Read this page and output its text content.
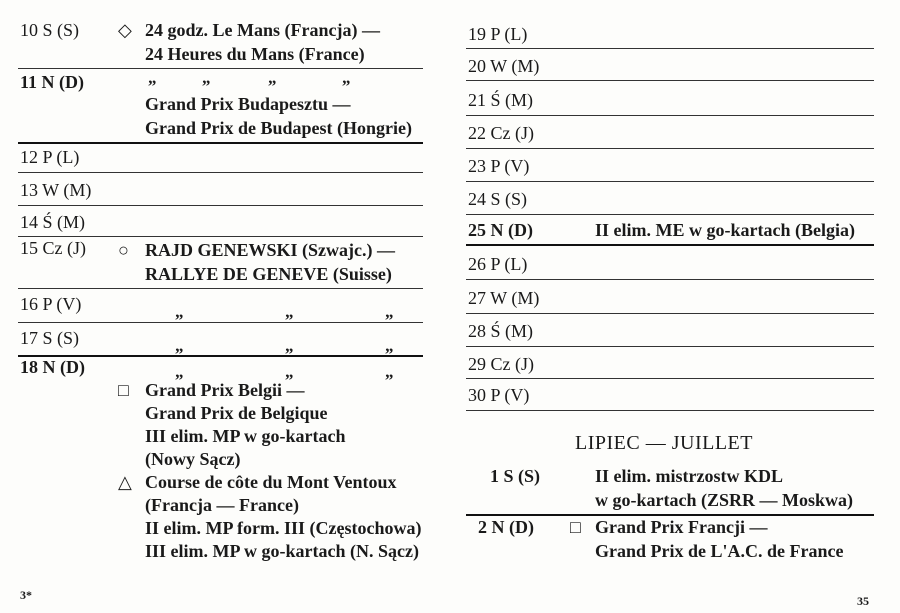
10 S (S) ◇ 24 godz. Le Mans (Francja) —
24 Heures du Mans (France)
11 N (D)	„	„	„	„
Grand Prix Budapesztu —
Grand Prix de Budapest (Hongrie)
12 P (L)
13 W (M)
14 Ś (M)
15 Cz (J) ○ RAJD GENEWSKI (Szwajc.) —
RALLYE DE GENEVE (Suisse)
16 P (V)	„	„	„
17 S (S)	„	„	„
18 N (D)	„	„	„
□ Grand Prix Belgii —
Grand Prix de Belgique
III elim. MP w go-kartach
(Nowy Sącz)
△ Course de côte du Mont Ventoux
(Francja — France)
II elim. MP form. III (Częstochowa)
III elim. MP w go-kartach (N. Sącz)
3*
19 P (L)
20 W (M)
21 Ś (M)
22 Cz (J)
23 P (V)
24 S (S)
25 N (D)	II elim. ME w go-kartach (Belgia)
26 P (L)
27 W (M)
28 Ś (M)
29 Cz (J)
30 P (V)
LIPIEC — JUILLET
1 S (S)	II elim. mistrzostw KDL
w go-kartach (ZSRR — Moskwa)
2 N (D) □ Grand Prix Francji —
Grand Prix de L'A.C. de France
35
